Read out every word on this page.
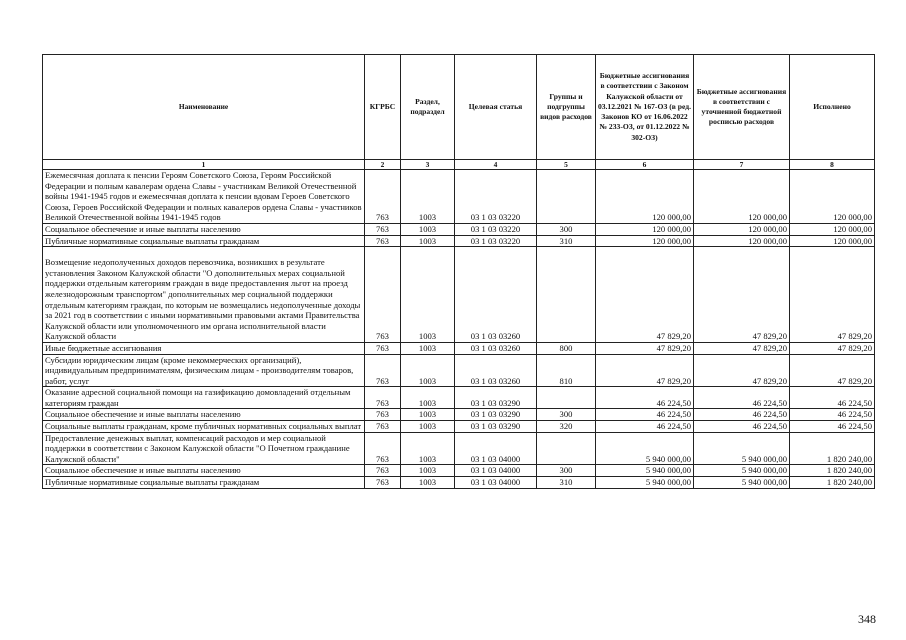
Наименование	КГРБС	Раздел, подраздел	Целевая статья	Группы и подгруппы видов расходов	Бюджетные ассигнования в соответствии с Законом Калужской области от 03.12.2021 № 167-ОЗ (в ред. Законов КО от 16.06.2022 № 233-ОЗ, от 01.12.2022 № 302-ОЗ)	Бюджетные ассигнования в соответствии с уточненной бюджетной росписью расходов	Исполнено
1	2	3	4	5	6	7	8
Ежемесячная доплата к пенсии Героям Советского Союза, Героям Российской Федерации и полным кавалерам ордена Славы - участникам Великой Отечественной войны 1941-1945 годов и ежемесячная доплата к пенсии вдовам Героев Советского Союза, Героев Российской Федерации и полных кавалеров ордена Славы - участников Великой Отечественной войны 1941-1945 годов	763	1003	03 1 03 03220		120 000,00	120 000,00	120 000,00
Социальное обеспечение и иные выплаты населению	763	1003	03 1 03 03220	300	120 000,00	120 000,00	120 000,00
Публичные нормативные социальные выплаты гражданам	763	1003	03 1 03 03220	310	120 000,00	120 000,00	120 000,00
Возмещение недополученных доходов перевозчика, возникших в результате установления Законом Калужской области "О дополнительных мерах социальной поддержки отдельным категориям граждан в виде предоставления льгот на проезд железнодорожным транспортом" дополнительных мер социальной поддержки отдельным категориям граждан, по которым не возмещались недополученные доходы за 2021 год в соответствии с иными нормативными правовыми актами Правительства Калужской области или уполномоченного им органа исполнительной власти Калужской области	763	1003	03 1 03 03260		47 829,20	47 829,20	47 829,20
Иные бюджетные ассигнования	763	1003	03 1 03 03260	800	47 829,20	47 829,20	47 829,20
Субсидии юридическим лицам (кроме некоммерческих организаций), индивидуальным предпринимателям, физическим лицам - производителям товаров, работ, услуг	763	1003	03 1 03 03260	810	47 829,20	47 829,20	47 829,20
Оказание адресной социальной помощи на газификацию домовладений отдельным категориям граждан	763	1003	03 1 03 03290		46 224,50	46 224,50	46 224,50
Социальное обеспечение и иные выплаты населению	763	1003	03 1 03 03290	300	46 224,50	46 224,50	46 224,50
Социальные выплаты гражданам, кроме публичных нормативных социальных выплат	763	1003	03 1 03 03290	320	46 224,50	46 224,50	46 224,50
Предоставление денежных выплат, компенсаций расходов и мер социальной поддержки в соответствии с Законом Калужской области "О Почетном гражданине Калужской области"	763	1003	03 1 03 04000		5 940 000,00	5 940 000,00	1 820 240,00
Социальное обеспечение и иные выплаты населению	763	1003	03 1 03 04000	300	5 940 000,00	5 940 000,00	1 820 240,00
Публичные нормативные социальные выплаты гражданам	763	1003	03 1 03 04000	310	5 940 000,00	5 940 000,00	1 820 240,00
348
